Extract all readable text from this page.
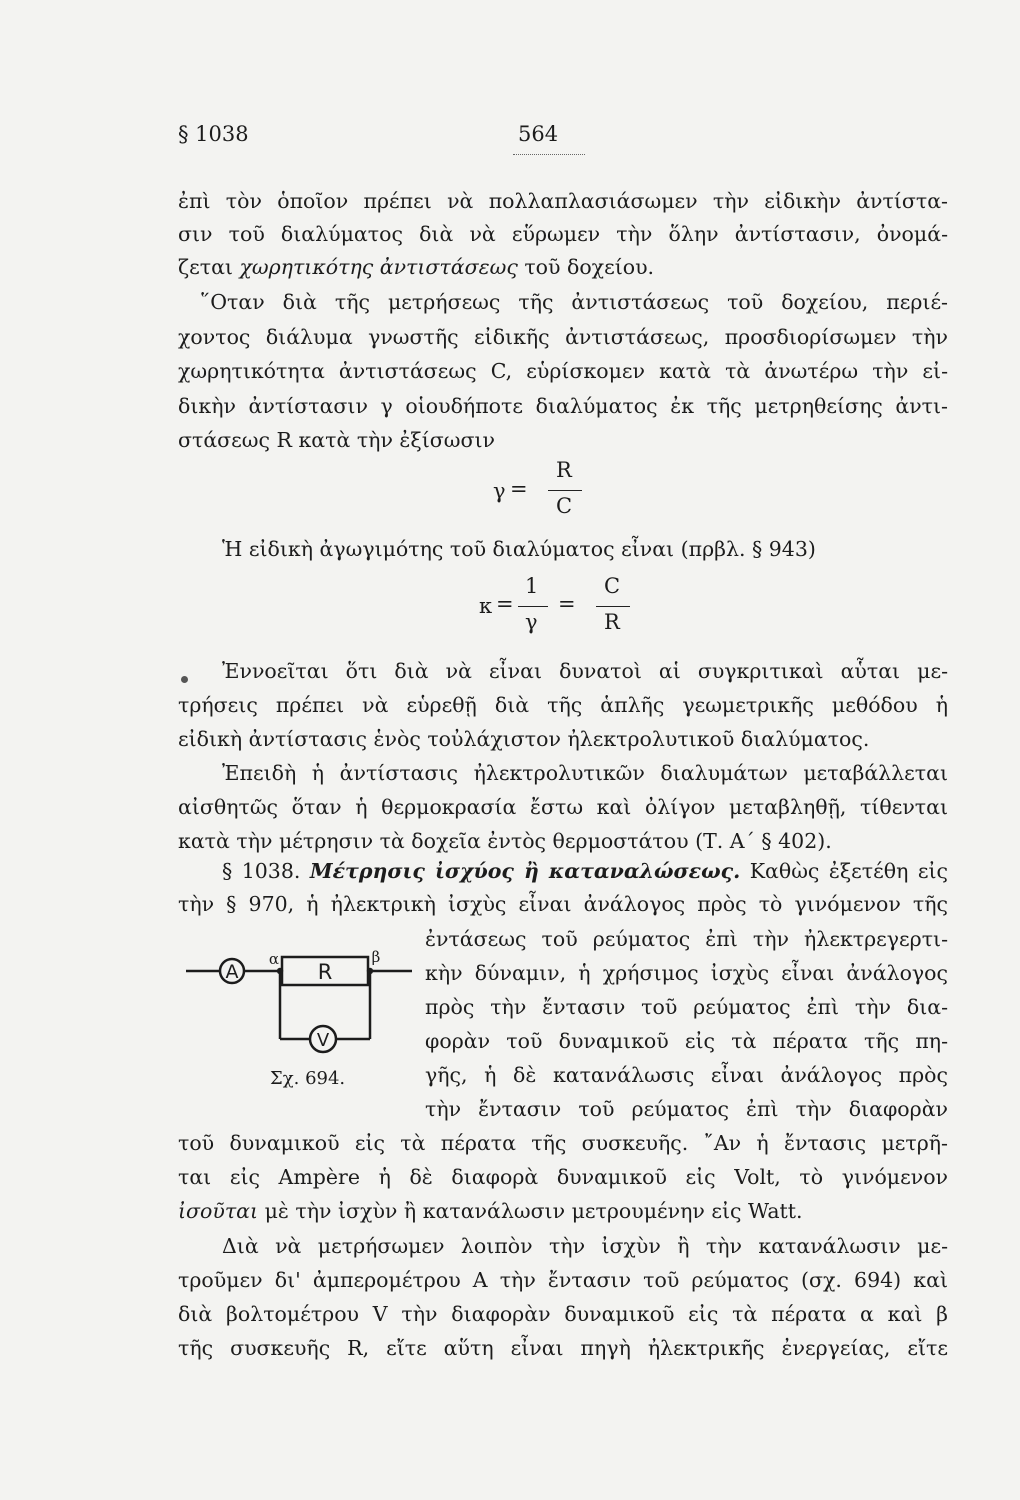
§ 1038	564
ἐπὶ τὸν ὁποῖον πρέπει νὰ πολλαπλασιάσωμεν τὴν εἰδικὴν ἀντίστα-
σιν τοῦ διαλύματος διὰ νὰ εὕρωμεν τὴν ὅλην ἀντίστασιν, ὀνομά-
ζεται χωρητικότης ἀντιστάσεως τοῦ δοχείου.
῞Οταν διὰ τῆς μετρήσεως τῆς ἀντιστάσεως τοῦ δοχείου, περιέ-
χοντος διάλυμα γνωστῆς εἰδικῆς ἀντιστάσεως, προσδιορίσωμεν τὴν
χωρητικότητα ἀντιστάσεως C, εὑρίσκομεν κατὰ τὰ ἀνωτέρω τὴν εἰ-
δικὴν ἀντίστασιν γ οἱουδήποτε διαλύματος ἐκ τῆς μετρηθείσης ἀντι-
στάσεως R κατὰ τὴν ἐξίσωσιν
γ =
R
C
Ἡ εἰδικὴ ἀγωγιμότης τοῦ διαλύματος εἶναι (πρβλ. § 943)
κ =
1
γ
=
C
R
Ἐννοεῖται ὅτι διὰ νὰ εἶναι δυνατοὶ αἱ συγκριτικαὶ αὗται με-
τρήσεις πρέπει νὰ εὑρεθῇ διὰ τῆς ἁπλῆς γεωμετρικῆς μεθόδου ἡ
εἰδικὴ ἀντίστασις ἑνὸς τοὐλάχιστον ἠλεκτρολυτικοῦ διαλύματος.
Ἐπειδὴ ἡ ἀντίστασις ἠλεκτρολυτικῶν διαλυμάτων μεταβάλλεται
αἰσθητῶς ὅταν ἡ θερμοκρασία ἔστω καὶ ὀλίγον μεταβληθῇ, τίθενται
κατὰ τὴν μέτρησιν τὰ δοχεῖα ἐντὸς θερμοστάτου (Τ. Α΄ § 402).
§ 1038. Μέτρησις ἰσχύος ἢ καταναλώσεως. Καθὼς ἐξετέθη εἰς
τὴν § 970, ἡ ἠλεκτρικὴ ἰσχὺς εἶναι ἀνάλογος πρὸς τὸ γινόμενον τῆς
ἐντάσεως τοῦ ρεύματος ἐπὶ τὴν ἠλεκτρεγερτι-
κὴν δύναμιν, ἡ χρήσιμος ἰσχὺς εἶναι ἀνάλογος
πρὸς τὴν ἔντασιν τοῦ ρεύματος ἐπὶ τὴν δια-
φορὰν τοῦ δυναμικοῦ εἰς τὰ πέρατα τῆς πη-
γῆς, ἡ δὲ κατανάλωσις εἶναι ἀνάλογος πρὸς
τὴν ἔντασιν τοῦ ρεύματος ἐπὶ τὴν διαφορὰν
A	R
V
α	β
Σχ. 694.
τοῦ δυναμικοῦ εἰς τὰ πέρατα τῆς συσκευῆς. ῎Αν ἡ ἔντασις μετρῆ-
ται εἰς Ampère ἡ δὲ διαφορὰ δυναμικοῦ εἰς Volt, τὸ γινόμενον
ἰσοῦται μὲ τὴν ἰσχὺν ἢ κατανάλωσιν μετρουμένην εἰς Watt.
Διὰ νὰ μετρήσωμεν λοιπὸν τὴν ἰσχὺν ἢ τὴν κατανάλωσιν με-
τροῦμεν δι' ἀμπερομέτρου Α τὴν ἔντασιν τοῦ ρεύματος (σχ. 694) καὶ
διὰ βολτομέτρου V τὴν διαφορὰν δυναμικοῦ εἰς τὰ πέρατα α καὶ β
τῆς συσκευῆς R, εἴτε αὕτη εἶναι πηγὴ ἠλεκτρικῆς ἐνεργείας, εἴτε
